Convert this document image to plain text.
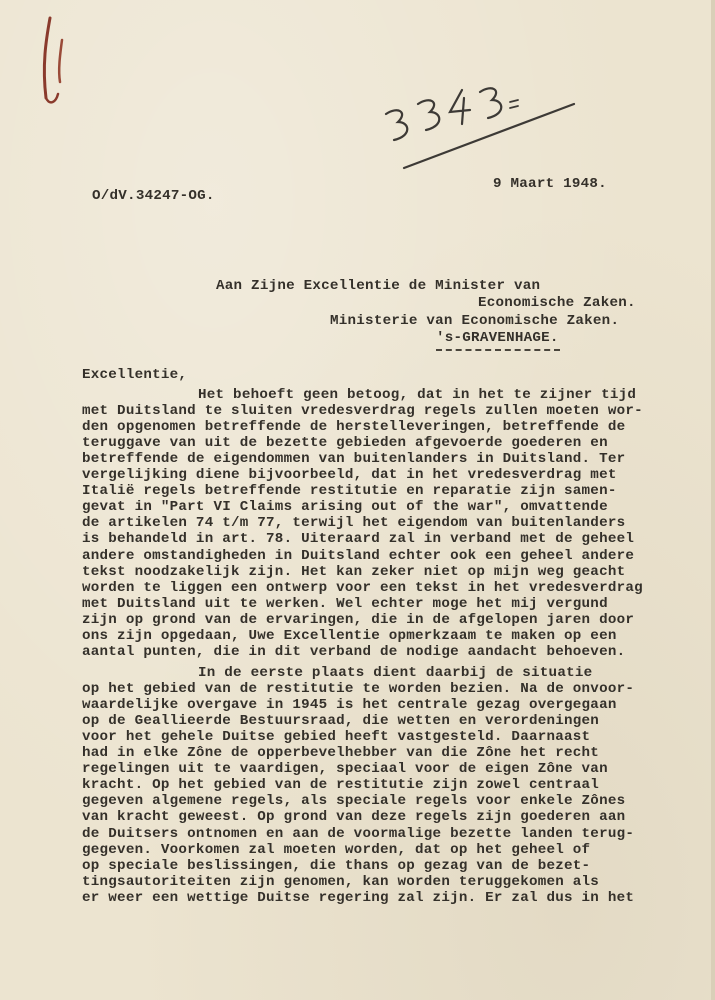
O/dV.34247-OG.
9 Maart 1948.
Aan Zijne Excellentie de Minister van
Economische Zaken.
Ministerie van Economische Zaken.
's-GRAVENHAGE.
Excellentie,
Het behoeft geen betoog, dat in het te zijner tijd
met Duitsland te sluiten vredesverdrag regels zullen moeten wor-
den opgenomen betreffende de herstelleveringen, betreffende de
teruggave van uit de bezette gebieden afgevoerde goederen en
betreffende de eigendommen van buitenlanders in Duitsland. Ter
vergelijking diene bijvoorbeeld, dat in het vredesverdrag met
Italië regels betreffende restitutie en reparatie zijn samen-
gevat in "Part VI Claims arising out of the war", omvattende
de artikelen 74 t/m 77, terwijl het eigendom van buitenlanders
is behandeld in art. 78. Uiteraard zal in verband met de geheel
andere omstandigheden in Duitsland echter ook een geheel andere
tekst noodzakelijk zijn. Het kan zeker niet op mijn weg geacht
worden te liggen een ontwerp voor een tekst in het vredesverdrag
met Duitsland uit te werken. Wel echter moge het mij vergund
zijn op grond van de ervaringen, die in de afgelopen jaren door
ons zijn opgedaan, Uwe Excellentie opmerkzaam te maken op een
aantal punten, die in dit verband de nodige aandacht behoeven.
In de eerste plaats dient daarbij de situatie
op het gebied van de restitutie te worden bezien. Na de onvoor-
waardelijke overgave in 1945 is het centrale gezag overgegaan
op de Geallieerde Bestuursraad, die wetten en verordeningen
voor het gehele Duitse gebied heeft vastgesteld. Daarnaast
had in elke Zône de opperbevelhebber van die Zône het recht
regelingen uit te vaardigen, speciaal voor de eigen Zône van
kracht. Op het gebied van de restitutie zijn zowel centraal
gegeven algemene regels, als speciale regels voor enkele Zônes
van kracht geweest. Op grond van deze regels zijn goederen aan
de Duitsers ontnomen en aan de voormalige bezette landen terug-
gegeven. Voorkomen zal moeten worden, dat op het geheel of
op speciale beslissingen, die thans op gezag van de bezet-
tingsautoriteiten zijn genomen, kan worden teruggekomen als
er weer een wettige Duitse regering zal zijn. Er zal dus in het
